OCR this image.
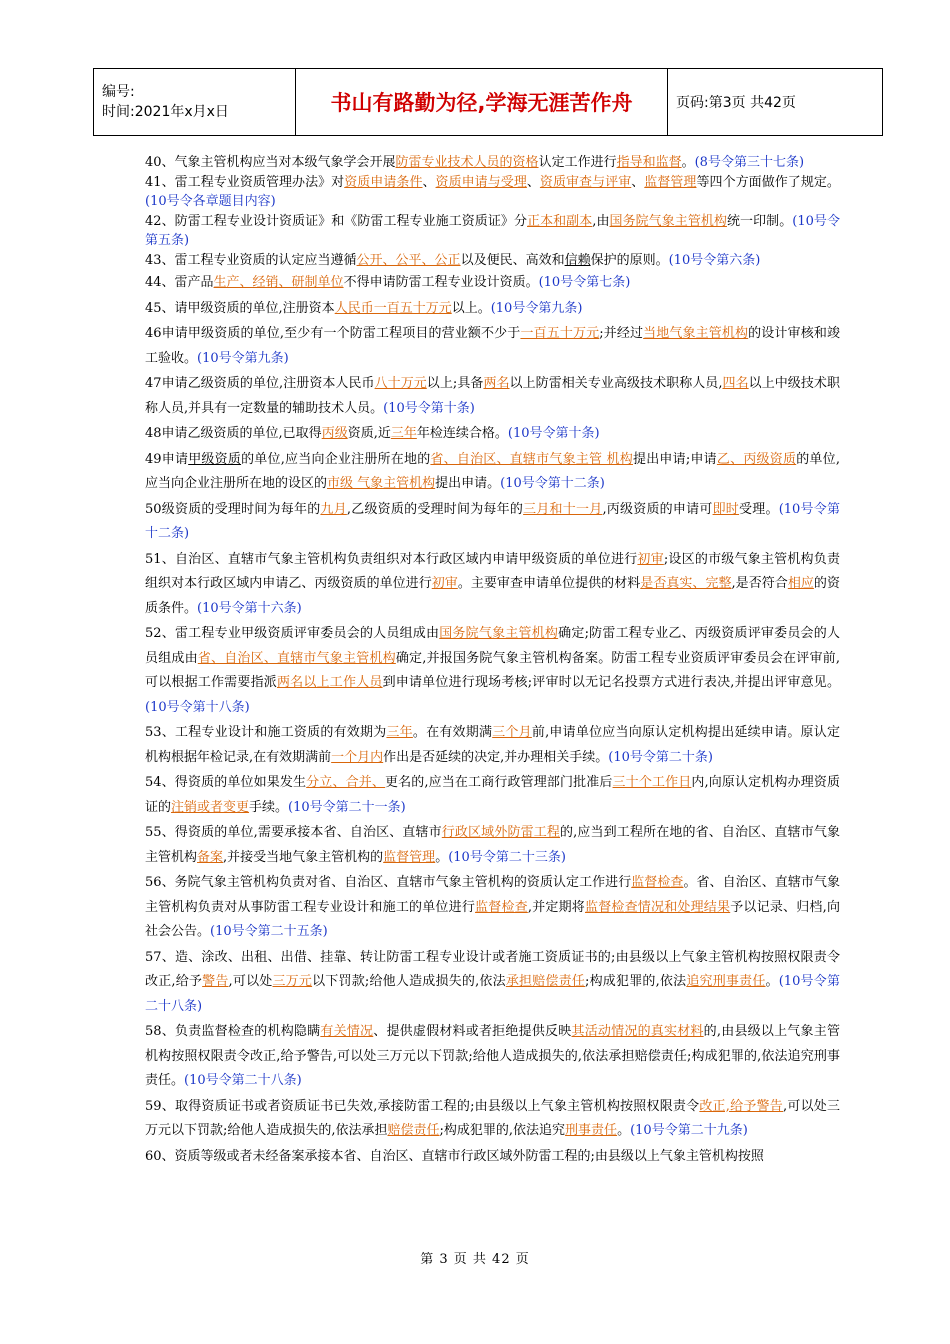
编号:
时间:2021年x月x日	书山有路勤为径,学海无涯苦作舟	页码:第3页 共42页

40、气象主管机构应当对本级气象学会开展防雷专业技术人员的资格认定工作进行指导和监督。(8号令第三十七条)

41、雷工程专业资质管理办法》对资质申请条件、资质申请与受理、资质审查与评审、监督管理等四个方面做作了规定。(10号令各章题目内容)

42、防雷工程专业设计资质证》和《防雷工程专业施工资质证》分正本和副本,由国务院气象主管机构统一印制。(10号令第五条)

43、雷工程专业资质的认定应当遵循公开、公平、公正以及便民、高效和信赖保护的原则。(10号令第六条)

44、雷产品生产、经销、研制单位不得申请防雷工程专业设计资质。(10号令第七条)

45、请甲级资质的单位,注册资本人民币一百五十万元以上。(10号令第九条)

46申请甲级资质的单位,至少有一个防雷工程项目的营业额不少于一百五十万元;并经过当地气象主管机构的设计审核和竣工验收。(10号令第九条)

47申请乙级资质的单位,注册资本人民币八十万元以上;具备两名以上防雷相关专业高级技术职称人员,四名以上中级技术职称人员,并具有一定数量的辅助技术人员。(10号令第十条)

48申请乙级资质的单位,已取得丙级资质,近三年年检连续合格。(10号令第十条)

49申请甲级资质的单位,应当向企业注册所在地的省、自治区、直辖市气象主管 机构提出申请;申请乙、丙级资质的单位,应当向企业注册所在地的设区的市级 气象主管机构提出申请。(10号令第十二条)

50级资质的受理时间为每年的九月,乙级资质的受理时间为每年的三月和十一月,丙级资质的申请可即时受理。(10号令第十二条)

51、自治区、直辖市气象主管机构负责组织对本行政区域内申请甲级资质的单位进行初审;设区的市级气象主管机构负责组织对本行政区域内申请乙、丙级资质的单位进行初审。主要审查申请单位提供的材料是否真实、完整,是否符合相应的资质条件。(10号令第十六条)

52、雷工程专业甲级资质评审委员会的人员组成由国务院气象主管机构确定;防雷工程专业乙、丙级资质评审委员会的人员组成由省、自治区、直辖市气象主管机构确定,并报国务院气象主管机构备案。防雷工程专业资质评审委员会在评审前,可以根据工作需要指派两名以上工作人员到申请单位进行现场考核;评审时以无记名投票方式进行表决,并提出评审意见。(10号令第十八条)

53、工程专业设计和施工资质的有效期为三年。在有效期满三个月前,申请单位应当向原认定机构提出延续申请。原认定机构根据年检记录,在有效期满前一个月内作出是否延续的决定,并办理相关手续。(10号令第二十条)

54、得资质的单位如果发生分立、合并、更名的,应当在工商行政管理部门批准后三十个工作日内,向原认定机构办理资质证的注销或者变更手续。(10号令第二十一条)

55、得资质的单位,需要承接本省、自治区、直辖市行政区域外防雷工程的,应当到工程所在地的省、自治区、直辖市气象主管机构备案,并接受当地气象主管机构的监督管理。(10号令第二十三条)

56、务院气象主管机构负责对省、自治区、直辖市气象主管机构的资质认定工作进行监督检查。省、自治区、直辖市气象主管机构负责对从事防雷工程专业设计和施工的单位进行监督检查,并定期将监督检查情况和处理结果予以记录、归档,向社会公告。(10号令第二十五条)

57、造、涂改、出租、出借、挂靠、转让防雷工程专业设计或者施工资质证书的;由县级以上气象主管机构按照权限责令改正,给予警告,可以处三万元以下罚款;给他人造成损失的,依法承担赔偿责任;构成犯罪的,依法追究刑事责任。(10号令第二十八条)

58、负责监督检查的机构隐瞒有关情况、提供虚假材料或者拒绝提供反映其活动情况的真实材料的,由县级以上气象主管机构按照权限责令改正,给予警告,可以处三万元以下罚款;给他人造成损失的,依法承担赔偿责任;构成犯罪的,依法追究刑事责任。(10号令第二十八条)

59、取得资质证书或者资质证书已失效,承接防雷工程的;由县级以上气象主管机构按照权限责令改正,给予警告,可以处三万元以下罚款;给他人造成损失的,依法承担赔偿责任;构成犯罪的,依法追究刑事责任。(10号令第二十九条)

60、资质等级或者未经备案承接本省、自治区、直辖市行政区域外防雷工程的;由县级以上气象主管机构按照

第 3 页 共 42 页
